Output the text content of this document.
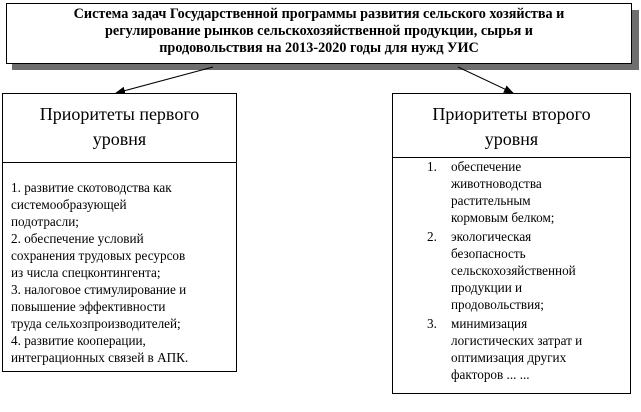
Система задач Государственной программы развития сельского хозяйства и
регулирование рынков сельскохозяйственной продукции, сырья и
продовольствия на 2013-2020 годы для нужд УИС
Приоритеты первого
уровня
1. развитие скотоводства как
системообразующей
подотрасли;
2. обеспечение условий
сохранения трудовых ресурсов
из числа спецконтингента;
3. налоговое стимулирование и
повышение эффективности
труда сельхозпроизводителей;
4. развитие кооперации,
интеграционных связей в АПК.
Приоритеты второго
уровня
1. обеспечение
животноводства
растительным
кормовым белком;
2. экологическая
безопасность
сельскохозяйственной
продукции и
продовольствия;
3. минимизация
логистических затрат и
оптимизация других
факторов ... ...
